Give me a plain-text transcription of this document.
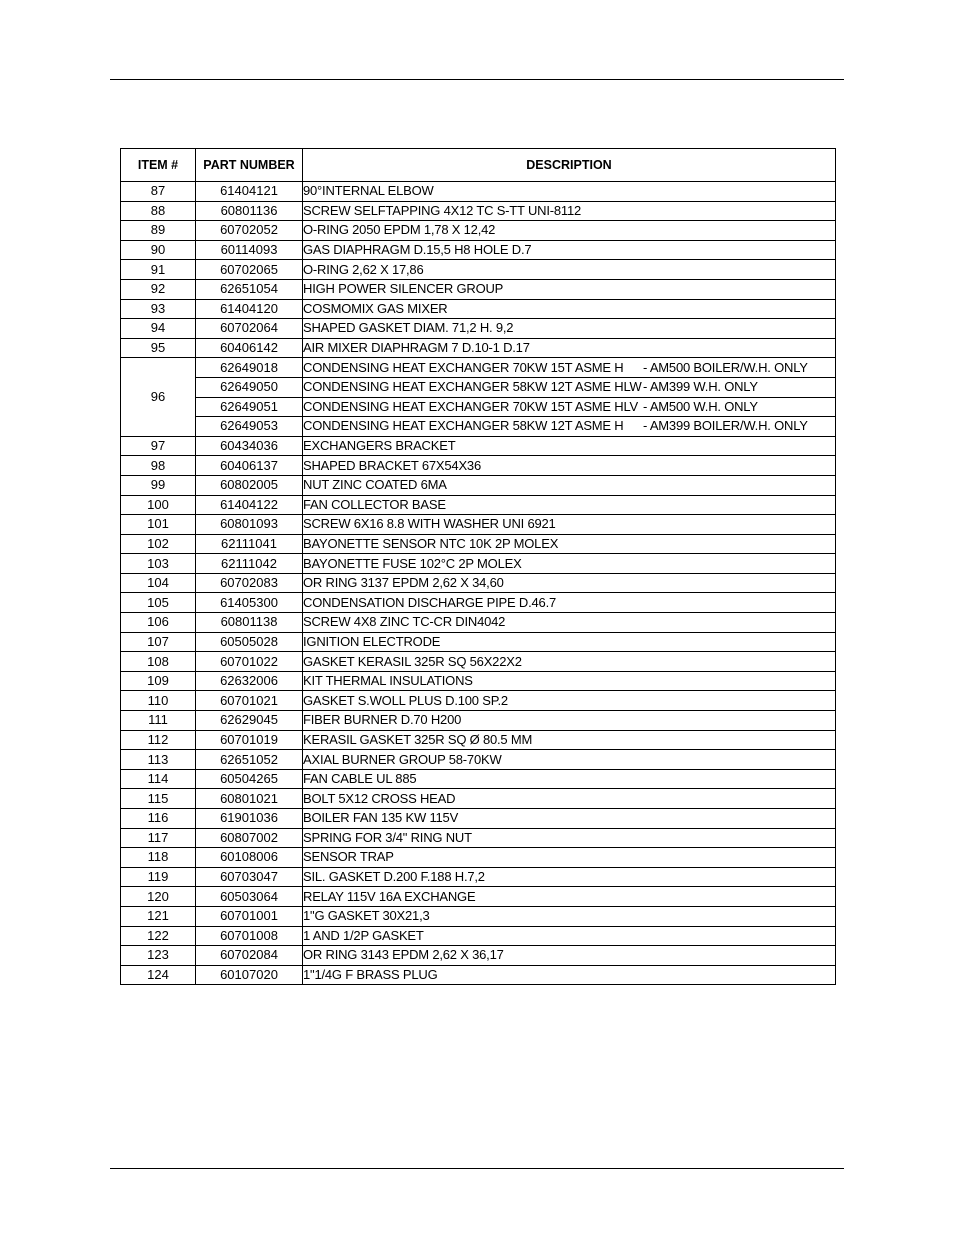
ITEM #	PART NUMBER	DESCRIPTION
87	61404121	90°INTERNAL ELBOW
88	60801136	SCREW SELFTAPPING 4X12 TC S-TT UNI-8112
89	60702052	O-RING 2050 EPDM 1,78 X 12,42
90	60114093	GAS DIAPHRAGM D.15,5 H8 HOLE D.7
91	60702065	O-RING 2,62 X 17,86
92	62651054	HIGH POWER SILENCER GROUP
93	61404120	COSMOMIX GAS MIXER
94	60702064	SHAPED GASKET DIAM. 71,2 H. 9,2
95	60406142	AIR MIXER DIAPHRAGM 7 D.10-1 D.17
96	62649018	CONDENSING HEAT EXCHANGER 70KW 15T ASME H - AM500 BOILER/W.H. ONLY
	62649050	CONDENSING HEAT EXCHANGER 58KW 12T ASME HLW- AM399 W.H. ONLY
	62649051	CONDENSING HEAT EXCHANGER 70KW 15T ASME HLV - AM500 W.H. ONLY
	62649053	CONDENSING HEAT EXCHANGER 58KW 12T ASME H - AM399 BOILER/W.H. ONLY
97	60434036	EXCHANGERS BRACKET
98	60406137	SHAPED BRACKET 67X54X36
99	60802005	NUT ZINC COATED 6MA
100	61404122	FAN COLLECTOR BASE
101	60801093	SCREW 6X16 8.8 WITH WASHER UNI 6921
102	62111041	BAYONETTE SENSOR NTC 10K 2P MOLEX
103	62111042	BAYONETTE FUSE 102°C 2P MOLEX
104	60702083	OR RING 3137 EPDM 2,62 X 34,60
105	61405300	CONDENSATION DISCHARGE PIPE D.46.7
106	60801138	SCREW 4X8 ZINC TC-CR DIN4042
107	60505028	IGNITION ELECTRODE
108	60701022	GASKET KERASIL 325R SQ 56X22X2
109	62632006	KIT THERMAL INSULATIONS
110	60701021	GASKET S.WOLL PLUS D.100 SP.2
111	62629045	FIBER BURNER D.70 H200
112	60701019	KERASIL GASKET 325R SQ Ø 80.5 MM
113	62651052	AXIAL BURNER GROUP 58-70KW
114	60504265	FAN CABLE UL 885
115	60801021	BOLT 5X12 CROSS HEAD
116	61901036	BOILER FAN 135 KW 115V
117	60807002	SPRING FOR 3/4" RING NUT
118	60108006	SENSOR TRAP
119	60703047	SIL. GASKET D.200 F.188 H.7,2
120	60503064	RELAY 115V 16A EXCHANGE
121	60701001	1"G GASKET 30X21,3
122	60701008	1 AND 1/2P GASKET
123	60702084	OR RING 3143 EPDM 2,62 X 36,17
124	60107020	1"1/4G F BRASS PLUG
